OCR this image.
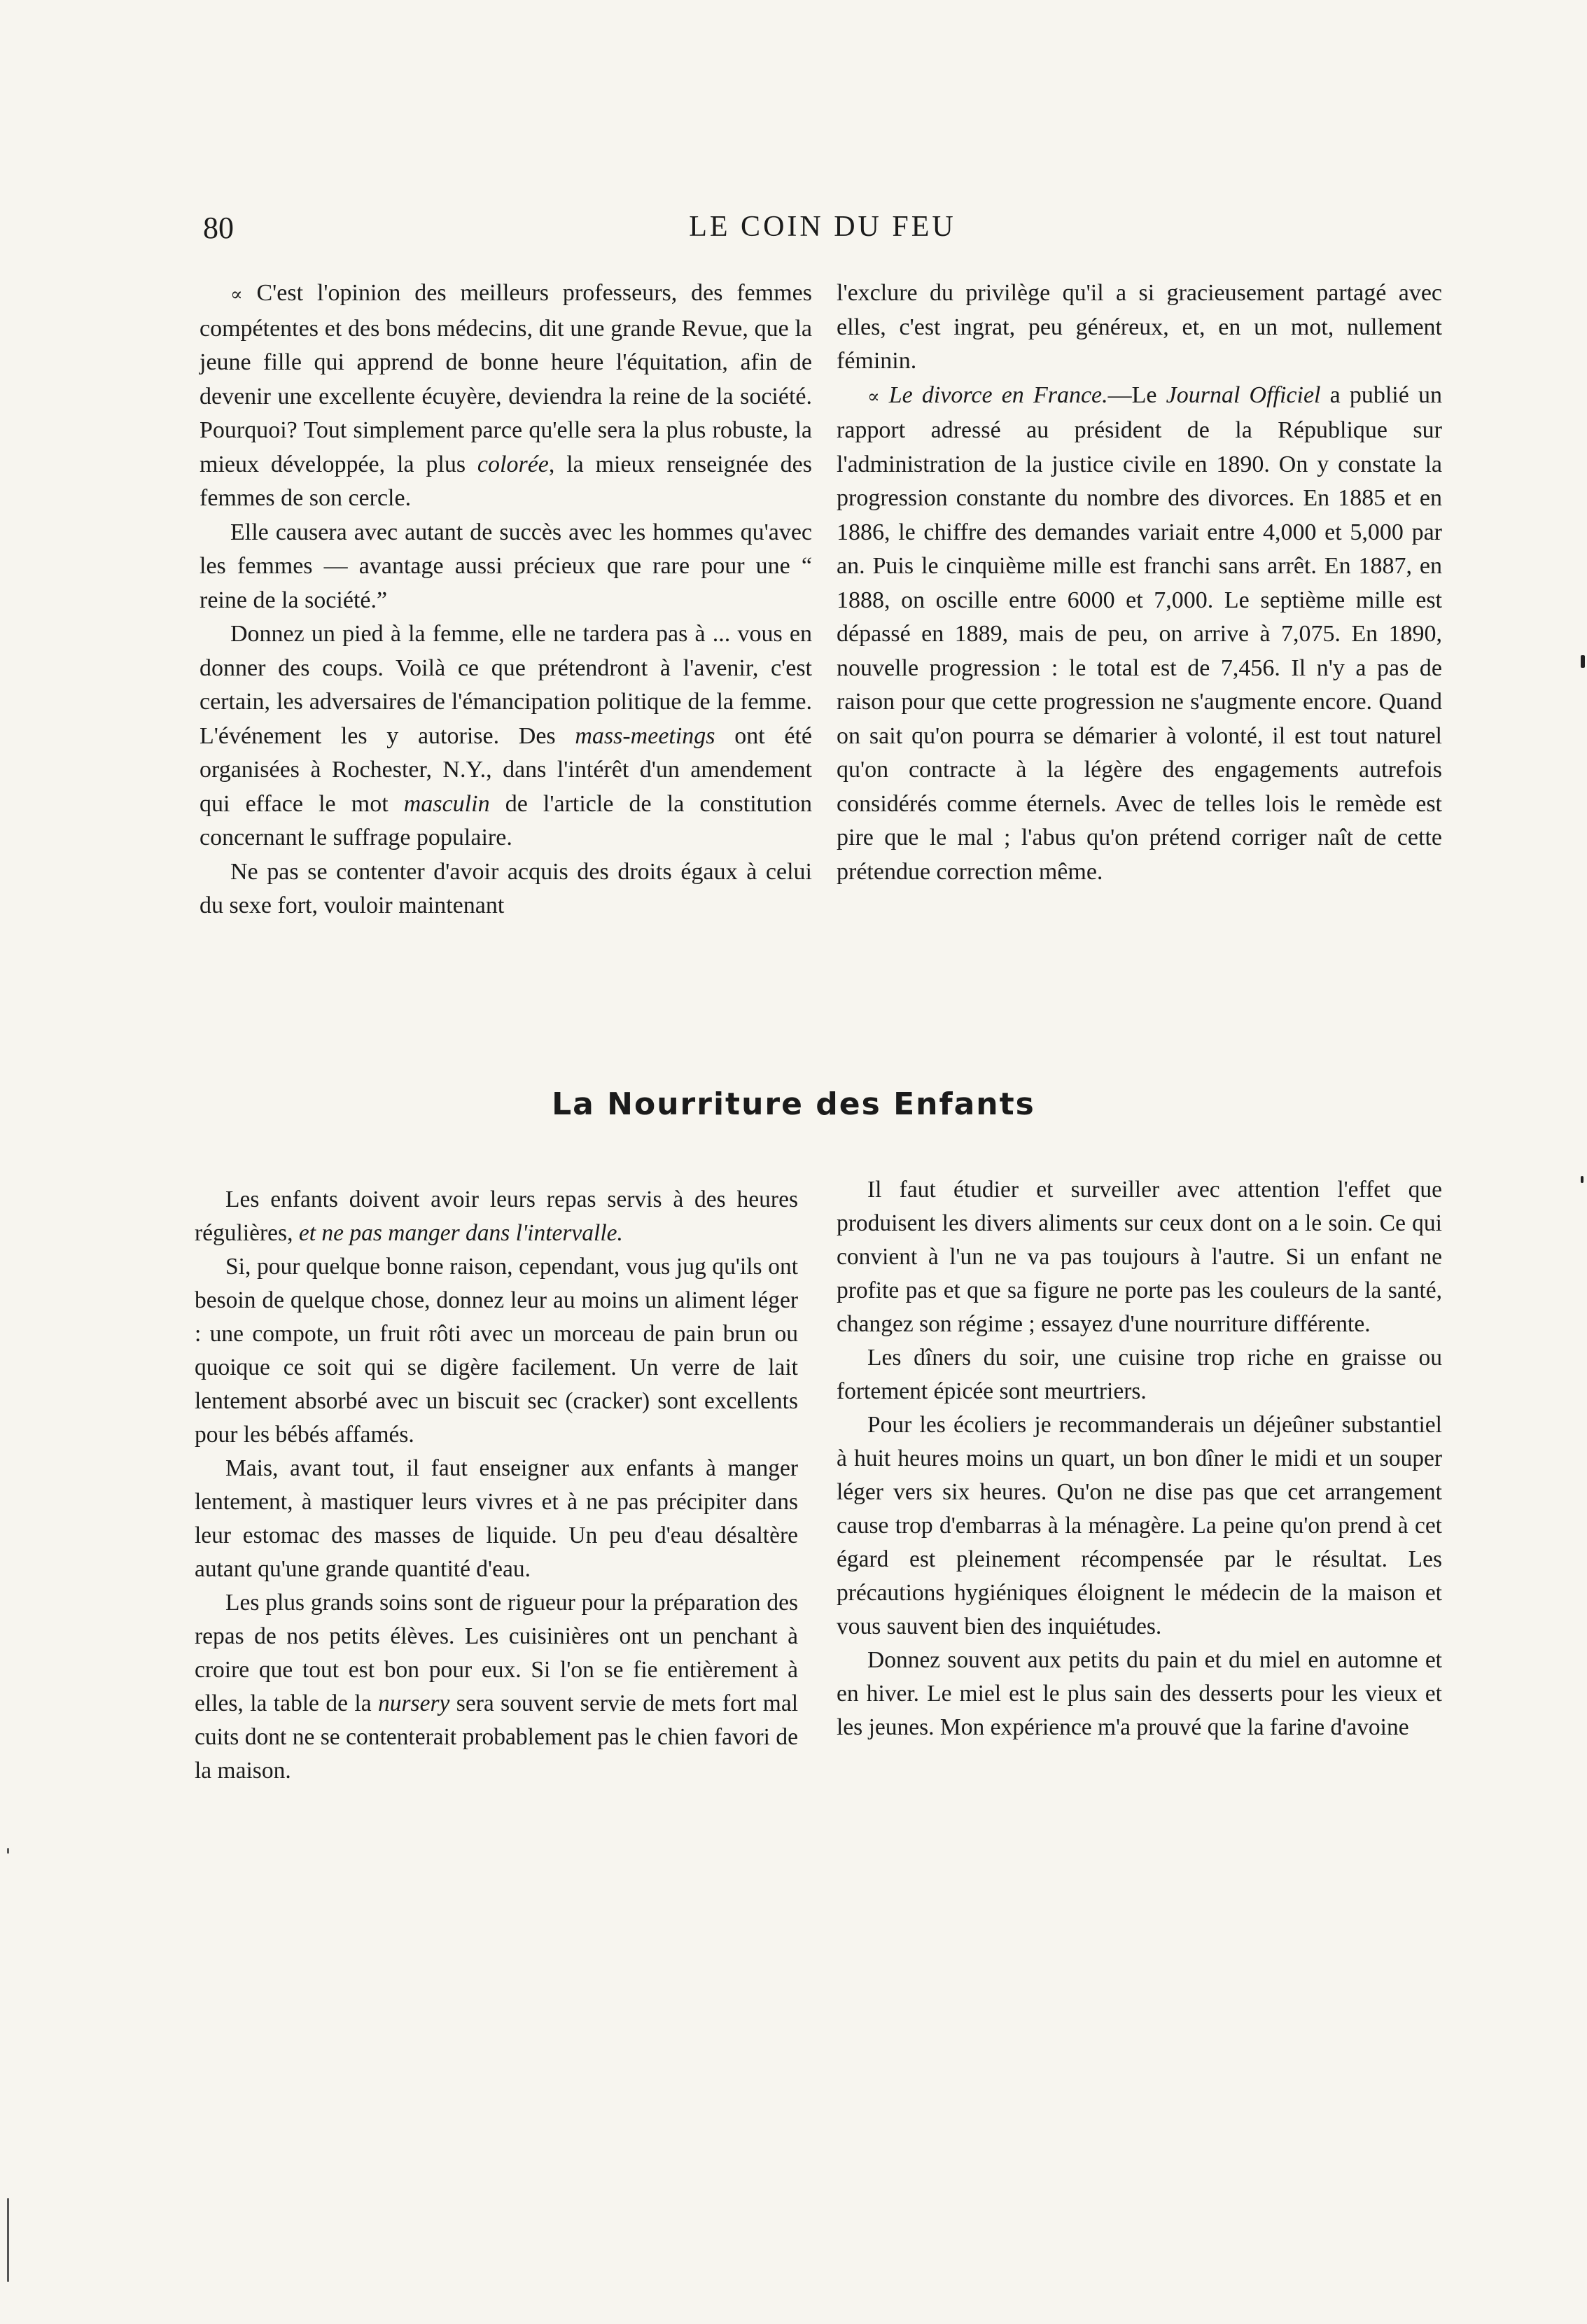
80	LE COIN DU FEU

∝ C'est l'opinion des meilleurs professeurs, des femmes compétentes et des bons médecins, dit une grande Revue, que la jeune fille qui apprend de bonne heure l'équitation, afin de devenir une excellente écuyère, deviendra la reine de la société. Pourquoi? Tout simplement parce qu'elle sera la plus robuste, la mieux développée, la plus colorée, la mieux renseignée des femmes de son cercle.

Elle causera avec autant de succès avec les hommes qu'avec les femmes — avantage aussi précieux que rare pour une “ reine de la société.”

Donnez un pied à la femme, elle ne tardera pas à ... vous en donner des coups. Voilà ce que prétendront à l'avenir, c'est certain, les adversaires de l'émancipation politique de la femme. L'événement les y autorise. Des mass-meetings ont été organisées à Rochester, N.Y., dans l'intérêt d'un amendement qui efface le mot masculin de l'article de la constitution concernant le suffrage populaire.

Ne pas se contenter d'avoir acquis des droits égaux à celui du sexe fort, vouloir maintenant

l'exclure du privilège qu'il a si gracieusement partagé avec elles, c'est ingrat, peu généreux, et, en un mot, nullement féminin.

∝ Le divorce en France.—Le Journal Officiel a publié un rapport adressé au président de la République sur l'administration de la justice civile en 1890. On y constate la progression constante du nombre des divorces. En 1885 et en 1886, le chiffre des demandes variait entre 4,000 et 5,000 par an. Puis le cinquième mille est franchi sans arrêt. En 1887, en 1888, on oscille entre 6000 et 7,000. Le septième mille est dépassé en 1889, mais de peu, on arrive à 7,075. En 1890, nouvelle progression : le total est de 7,456. Il n'y a pas de raison pour que cette progression ne s'augmente encore. Quand on sait qu'on pourra se démarier à volonté, il est tout naturel qu'on contracte à la légère des engagements autrefois considérés comme éternels. Avec de telles lois le remède est pire que le mal ; l'abus qu'on prétend corriger naît de cette prétendue correction même.

La Nourriture des Enfants

Les enfants doivent avoir leurs repas servis à des heures régulières, et ne pas manger dans l'intervalle.

Si, pour quelque bonne raison, cependant, vous jug qu'ils ont besoin de quelque chose, donnez leur au moins un aliment léger : une compote, un fruit rôti avec un morceau de pain brun ou quoique ce soit qui se digère facilement. Un verre de lait lentement absorbé avec un biscuit sec (cracker) sont excellents pour les bébés affamés.

Mais, avant tout, il faut enseigner aux enfants à manger lentement, à mastiquer leurs vivres et à ne pas précipiter dans leur estomac des masses de liquide. Un peu d'eau désaltère autant qu'une grande quantité d'eau.

Les plus grands soins sont de rigueur pour la préparation des repas de nos petits élèves. Les cuisinières ont un penchant à croire que tout est bon pour eux. Si l'on se fie entièrement à elles, la table de la nursery sera souvent servie de mets fort mal cuits dont ne se contenterait probablement pas le chien favori de la maison.

Il faut étudier et surveiller avec attention l'effet que produisent les divers aliments sur ceux dont on a le soin. Ce qui convient à l'un ne va pas toujours à l'autre. Si un enfant ne profite pas et que sa figure ne porte pas les couleurs de la santé, changez son régime ; essayez d'une nourriture différente.

Les dîners du soir, une cuisine trop riche en graisse ou fortement épicée sont meurtriers.

Pour les écoliers je recommanderais un déjeûner substantiel à huit heures moins un quart, un bon dîner le midi et un souper léger vers six heures. Qu'on ne dise pas que cet arrangement cause trop d'embarras à la ménagère. La peine qu'on prend à cet égard est pleinement récompensée par le résultat. Les précautions hygiéniques éloignent le médecin de la maison et vous sauvent bien des inquiétudes.

Donnez souvent aux petits du pain et du miel en automne et en hiver. Le miel est le plus sain des desserts pour les vieux et les jeunes. Mon expérience m'a prouvé que la farine d'avoine
